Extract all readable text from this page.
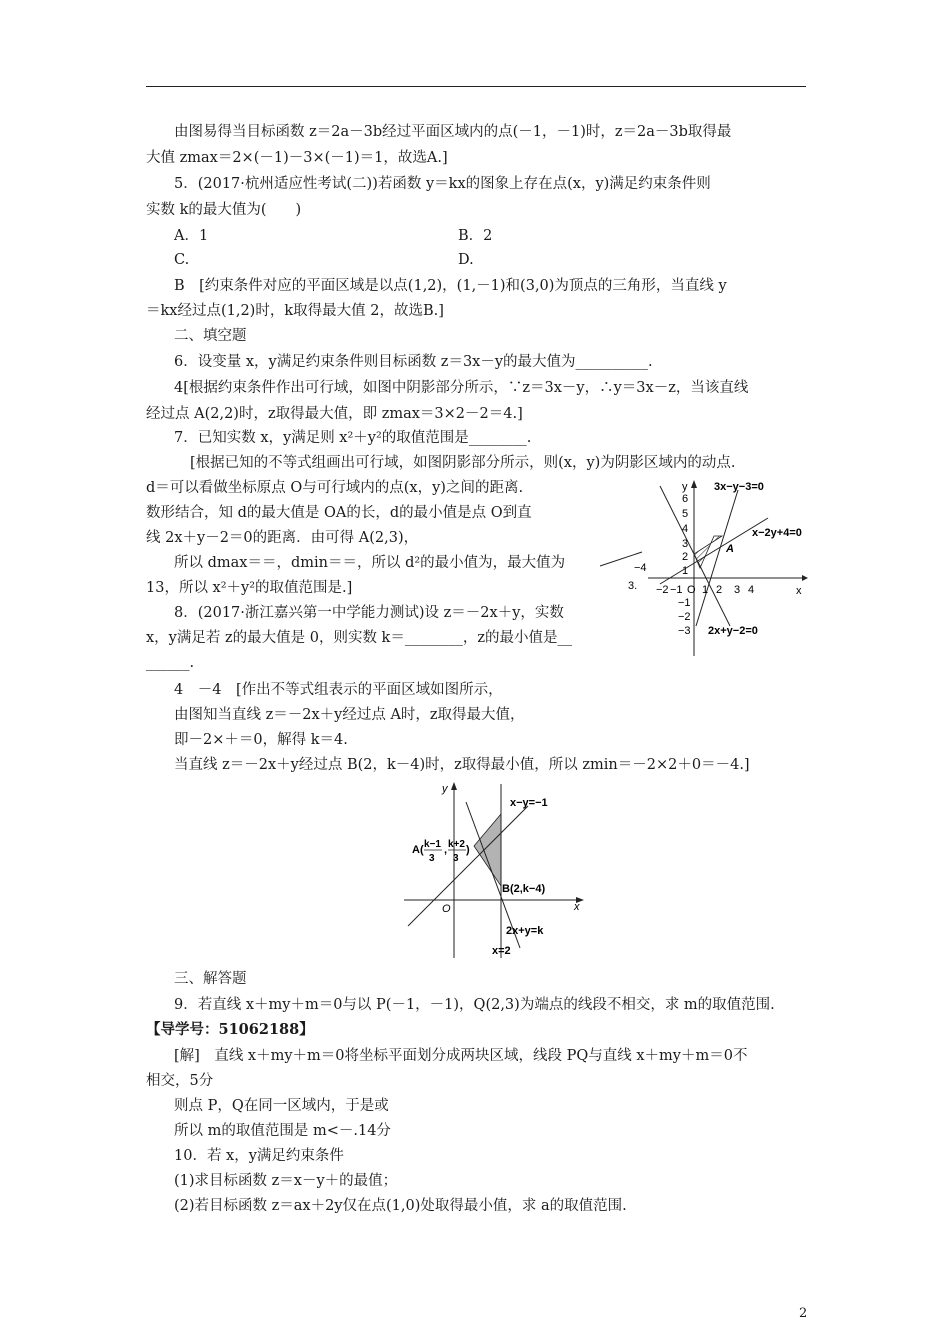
由图易得当目标函数 z＝2a－3b经过平面区域内的点(－1，－1)时，z＝2a－3b取得最
大值 zmax＝2×(－1)－3×(－1)＝1，故选A.]
5．(2017·杭州适应性考试(二))若函数 y＝kx的图象上存在点(x，y)满足约束条件则
实数 k的最大值为(　　)
A．1	B．2
C.	D.
B　[约束条件对应的平面区域是以点(1,2)，(1,－1)和(3,0)为顶点的三角形，当直线 y
＝kx经过点(1,2)时，k取得最大值 2，故选B.]
二、填空题
6．设变量 x，y满足约束条件则目标函数 z＝3x－y的最大值为__________.
4[根据约束条件作出可行域，如图中阴影部分所示，∵z＝3x－y，∴y＝3x－z，当该直线
经过点 A(2,2)时，z取得最大值，即 zmax＝3×2－2＝4.]
7．已知实数 x，y满足则 x²＋y²的取值范围是________.
[根据已知的不等式组画出可行域，如图阴影部分所示，则(x，y)为阴影区域内的动点.
d＝可以看做坐标原点 O与可行域内的点(x，y)之间的距离.
数形结合，知 d的最大值是 OA的长，d的最小值是点 O到直
线 2x＋y－2＝0的距离．由可得 A(2,3)，
所以 dmax＝＝，dmin＝＝，所以 d²的最小值为，最大值为
13，所以 x²＋y²的取值范围是.]
8．(2017·浙江嘉兴第一中学能力测试)设 z＝－2x＋y，实数
x，y满足若 z的最大值是 0，则实数 k＝________，z的最小值是__
______.
4　－4　[作出不等式组表示的平面区域如图所示，
由图知当直线 z＝－2x＋y经过点 A时，z取得最大值，
即－2×＋＝0，解得 k＝4.
当直线 z＝－2x＋y经过点 B(2，k－4)时，z取得最小值，所以 zmin＝－2×2＋0＝－4.]
y
x
6
5
4
3
2
1
−1
−2
−3
−2 −1 O 1 2 3 4
3x−y−3=0
x−2y+4=0
2x+y−2=0
A
−4
3.
y
x
O
x−y=−1
2x+y=k
x=2
A( k−1
3
, k+2
3
)
B(2,k−4)
三、解答题
9．若直线 x＋my＋m＝0与以 P(－1，－1)，Q(2,3)为端点的线段不相交，求 m的取值范围.
【导学号：51062188】
[解]　直线 x＋my＋m＝0将坐标平面划分成两块区域，线段 PQ与直线 x＋my＋m＝0不
相交，5分
则点 P，Q在同一区域内，于是或
所以 m的取值范围是 m<－.14分
10．若 x，y满足约束条件
(1)求目标函数 z＝x－y＋的最值；
(2)若目标函数 z＝ax＋2y仅在点(1,0)处取得最小值，求 a的取值范围.
2
